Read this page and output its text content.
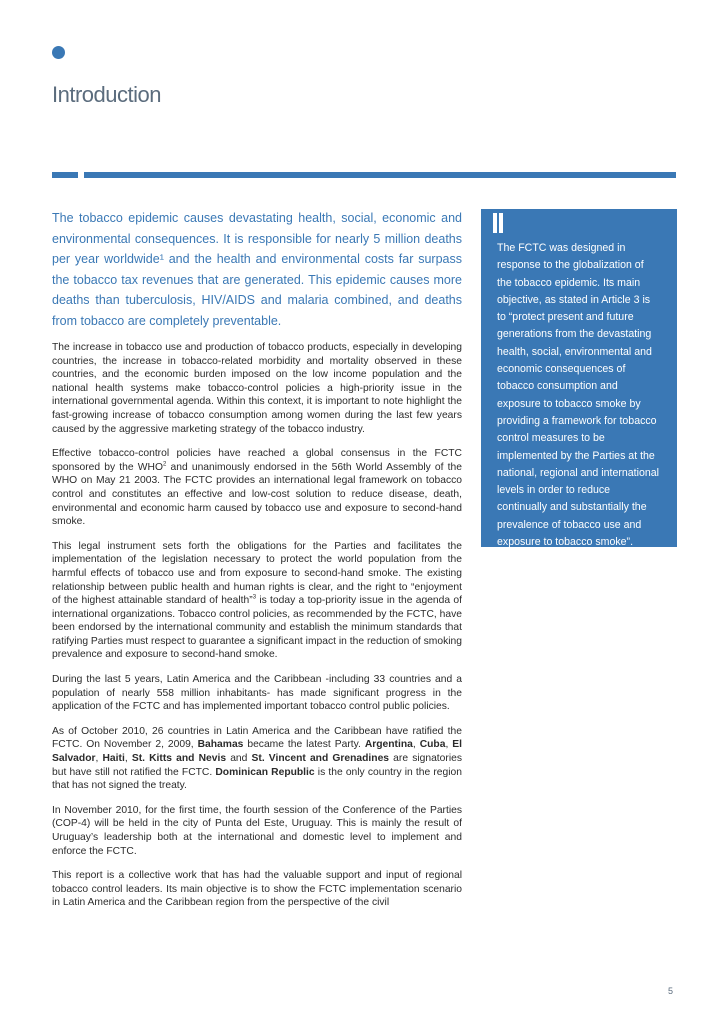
Introduction

The tobacco epidemic causes devastating health, social, economic and environmental consequences. It is responsible for nearly 5 million deaths per year worldwide¹ and the health and environmental costs far surpass the tobacco tax revenues that are generated. This epidemic causes more deaths than tuberculosis, HIV/AIDS and malaria combined, and deaths from tobacco are completely preventable.

The increase in tobacco use and production of tobacco products, especially in developing countries, the increase in tobacco-related morbidity and mortality observed in these countries, and the economic burden imposed on the low income population and the national health systems make tobacco-control policies a high-priority issue in the international governmental agenda. Within this context, it is important to note highlight the fast-growing increase of tobacco consumption among women during the last few years caused by the aggressive marketing strategy of the tobacco industry.

Effective tobacco-control policies have reached a global consensus in the FCTC sponsored by the WHO$^2$ and unanimously endorsed in the 56th World Assembly of the WHO on May 21 2003. The FCTC provides an international legal framework on tobacco control and constitutes an effective and low-cost solution to reduce disease, death, environmental and economic harm caused by tobacco use and exposure to second-hand smoke.

This legal instrument sets forth the obligations for the Parties and facilitates the implementation of the legislation necessary to protect the world population from the harmful effects of tobacco use and from exposure to second-hand smoke. The existing relationship between public health and human rights is clear, and the right to “enjoyment of the highest attainable standard of health”$^3$ is today a top-priority issue in the agenda of international organizations. Tobacco control policies, as recommended by the FCTC, have been endorsed by the international community and establish the minimum standards that ratifying Parties must respect to guarantee a significant impact in the reduction of smoking prevalence and exposure to second-hand smoke.

During the last 5 years, Latin America and the Caribbean -including 33 countries and a population of nearly 558 million inhabitants- has made significant progress in the application of the FCTC and has implemented important tobacco control public policies.

As of October 2010, 26 countries in Latin America and the Caribbean have ratified the FCTC. On November 2, 2009, Bahamas became the latest Party. Argentina, Cuba, El Salvador, Haiti, St. Kitts and Nevis and St. Vincent and Grenadines are signatories but have still not ratified the FCTC. Dominican Republic is the only country in the region that has not signed the treaty.

In November 2010, for the first time, the fourth session of the Conference of the Parties (COP-4) will be held in the city of Punta del Este, Uruguay. This is mainly the result of Uruguay’s leadership both at the international and domestic level to implement and enforce the FCTC.

This report is a collective work that has had the valuable support and input of regional tobacco control leaders. Its main objective is to show the FCTC implementation scenario in Latin America and the Caribbean region from the perspective of the civil

The FCTC was designed in response to the globalization of the tobacco epidemic. Its main objective, as stated in Article 3 is to “protect present and future generations from the devastating health, social, environmental and economic consequences of tobacco consumption and exposure to tobacco smoke by providing a framework for tobacco control measures to be implemented by the Parties at the national, regional and international levels in order to reduce continually and substantially the prevalence of tobacco use and exposure to tobacco smoke”.

5
